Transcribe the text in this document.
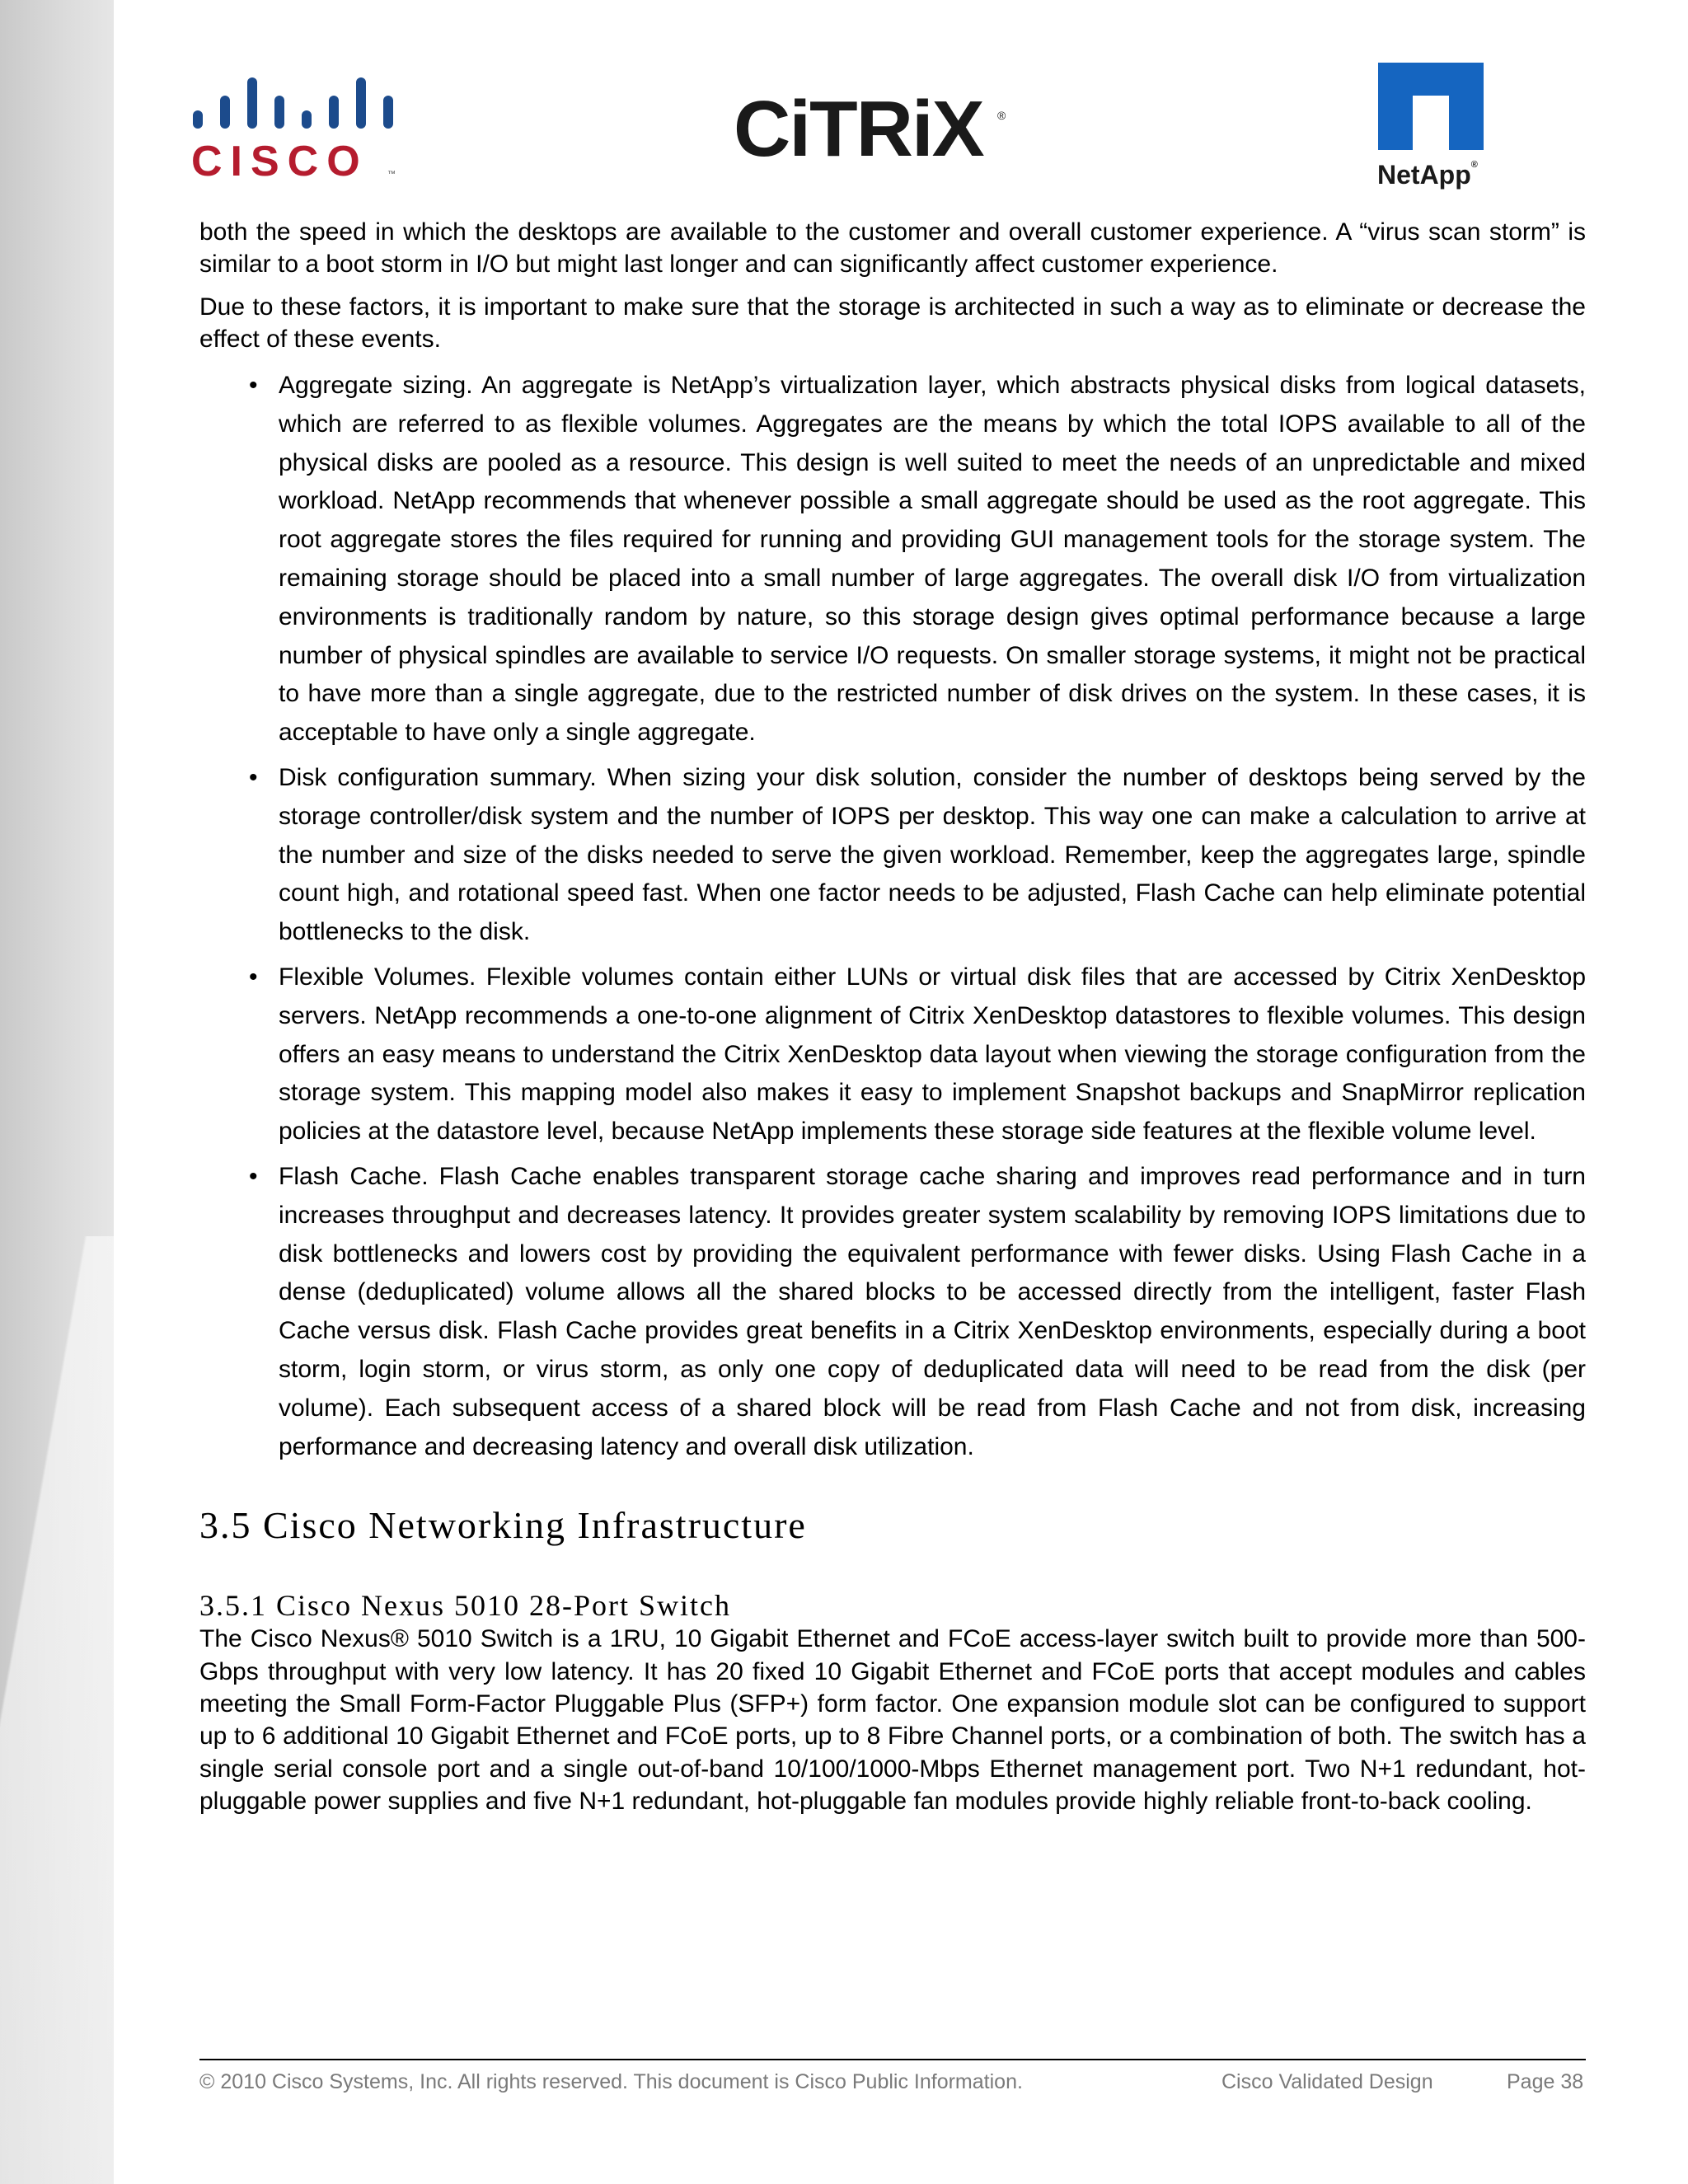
CISCO ™
CiTRiX ®
NetApp®

both the speed in which the desktops are available to the customer and overall customer experience. A “virus scan storm” is similar to a boot storm in I/O but might last longer and can significantly affect customer experience.

Due to these factors, it is important to make sure that the storage is architected in such a way as to eliminate or decrease the effect of these events.

• Aggregate sizing. An aggregate is NetApp’s virtualization layer, which abstracts physical disks from logical datasets, which are referred to as flexible volumes. Aggregates are the means by which the total IOPS available to all of the physical disks are pooled as a resource. This design is well suited to meet the needs of an unpredictable and mixed workload. NetApp recommends that whenever possible a small aggregate should be used as the root aggregate. This root aggregate stores the files required for running and providing GUI management tools for the storage system. The remaining storage should be placed into a small number of large aggregates. The overall disk I/O from virtualization environments is traditionally random by nature, so this storage design gives optimal performance because a large number of physical spindles are available to service I/O requests. On smaller storage systems, it might not be practical to have more than a single aggregate, due to the restricted number of disk drives on the system. In these cases, it is acceptable to have only a single aggregate.
• Disk configuration summary. When sizing your disk solution, consider the number of desktops being served by the storage controller/disk system and the number of IOPS per desktop. This way one can make a calculation to arrive at the number and size of the disks needed to serve the given workload. Remember, keep the aggregates large, spindle count high, and rotational speed fast. When one factor needs to be adjusted, Flash Cache can help eliminate potential bottlenecks to the disk.
• Flexible Volumes. Flexible volumes contain either LUNs or virtual disk files that are accessed by Citrix XenDesktop servers. NetApp recommends a one-to-one alignment of Citrix XenDesktop datastores to flexible volumes. This design offers an easy means to understand the Citrix XenDesktop data layout when viewing the storage configuration from the storage system. This mapping model also makes it easy to implement Snapshot backups and SnapMirror replication policies at the datastore level, because NetApp implements these storage side features at the flexible volume level.
• Flash Cache. Flash Cache enables transparent storage cache sharing and improves read performance and in turn increases throughput and decreases latency. It provides greater system scalability by removing IOPS limitations due to disk bottlenecks and lowers cost by providing the equivalent performance with fewer disks. Using Flash Cache in a dense (deduplicated) volume allows all the shared blocks to be accessed directly from the intelligent, faster Flash Cache versus disk. Flash Cache provides great benefits in a Citrix XenDesktop environments, especially during a boot storm, login storm, or virus storm, as only one copy of deduplicated data will need to be read from the disk (per volume). Each subsequent access of a shared block will be read from Flash Cache and not from disk, increasing performance and decreasing latency and overall disk utilization.
3.5 Cisco Networking Infrastructure
3.5.1 Cisco Nexus 5010 28-Port Switch

The Cisco Nexus® 5010 Switch is a 1RU, 10 Gigabit Ethernet and FCoE access-layer switch built to provide more than 500-Gbps throughput with very low latency. It has 20 fixed 10 Gigabit Ethernet and FCoE ports that accept modules and cables meeting the Small Form-Factor Pluggable Plus (SFP+) form factor. One expansion module slot can be configured to support up to 6 additional 10 Gigabit Ethernet and FCoE ports, up to 8 Fibre Channel ports, or a combination of both. The switch has a single serial console port and a single out-of-band 10/100/1000-Mbps Ethernet management port. Two N+1 redundant, hot-pluggable power supplies and five N+1 redundant, hot-pluggable fan modules provide highly reliable front-to-back cooling.

© 2010 Cisco Systems, Inc. All rights reserved. This document is Cisco Public Information.	Cisco Validated Design	Page 38
